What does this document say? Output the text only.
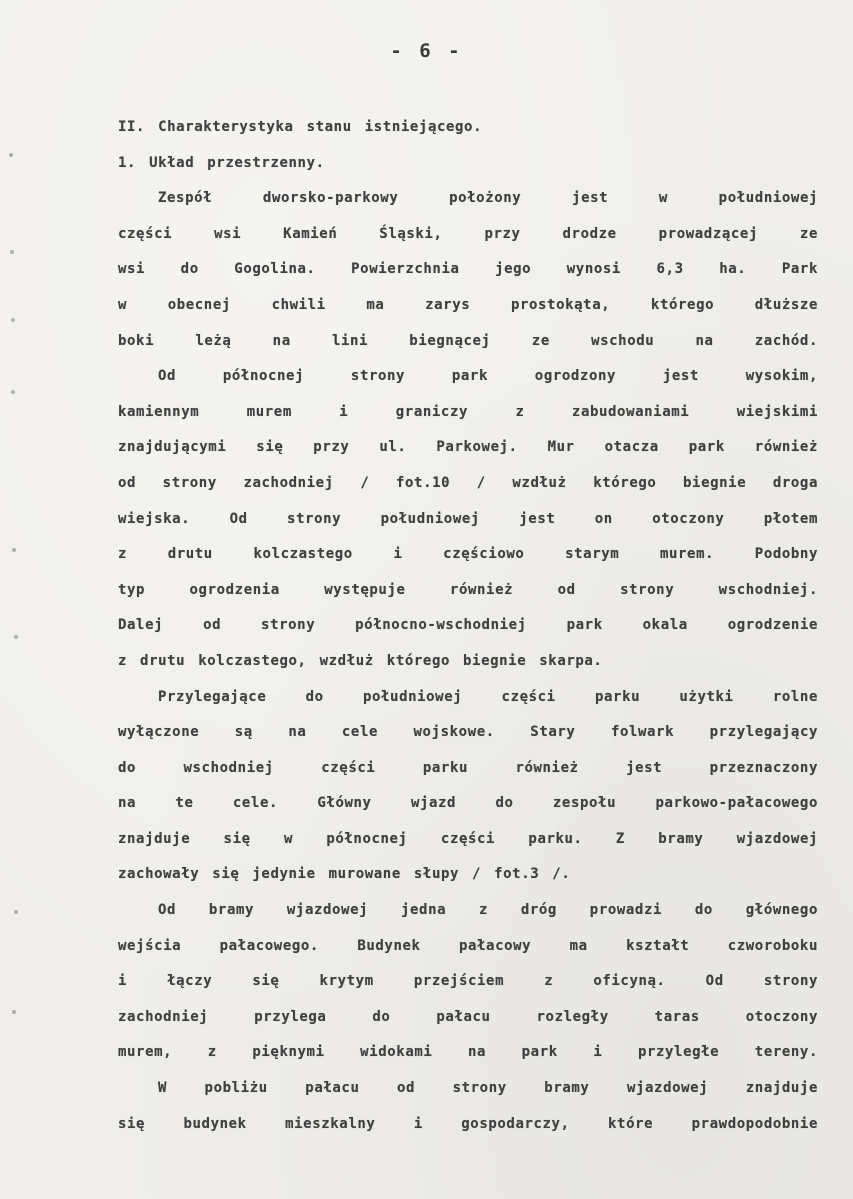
- 6 -
II. Charakterystyka stanu istniejącego.
1. Układ przestrzenny.
Zespół dworsko-parkowy położony jest w południowej
części wsi Kamień Śląski, przy drodze prowadzącej ze
wsi do Gogolina. Powierzchnia jego wynosi 6,3 ha. Park
w obecnej chwili ma zarys prostokąta, którego dłuższe
boki leżą na lini biegnącej ze wschodu na zachód.
Od północnej strony park ogrodzony jest wysokim,
kamiennym murem i graniczy z zabudowaniami wiejskimi
znajdującymi się przy ul. Parkowej. Mur otacza park również
od strony zachodniej / fot.10 / wzdłuż którego biegnie droga
wiejska. Od strony południowej jest on otoczony płotem
z drutu kolczastego i częściowo starym murem. Podobny
typ ogrodzenia występuje również od strony wschodniej.
Dalej od strony północno-wschodniej park okala ogrodzenie
z drutu kolczastego, wzdłuż którego biegnie skarpa.
Przylegające do południowej części parku użytki rolne
wyłączone są na cele wojskowe. Stary folwark przylegający
do wschodniej części parku również jest przeznaczony
na te cele. Główny wjazd do zespołu parkowo-pałacowego
znajduje się w północnej części parku. Z bramy wjazdowej
zachowały się jedynie murowane słupy / fot.3 /.
Od bramy wjazdowej jedna z dróg prowadzi do głównego
wejścia pałacowego. Budynek pałacowy ma kształt czworoboku
i łączy się krytym przejściem z oficyną. Od strony
zachodniej przylega do pałacu rozległy taras otoczony
murem, z pięknymi widokami na park i przyległe tereny.
W pobliżu pałacu od strony bramy wjazdowej znajduje
się budynek mieszkalny i gospodarczy, które prawdopodobnie
